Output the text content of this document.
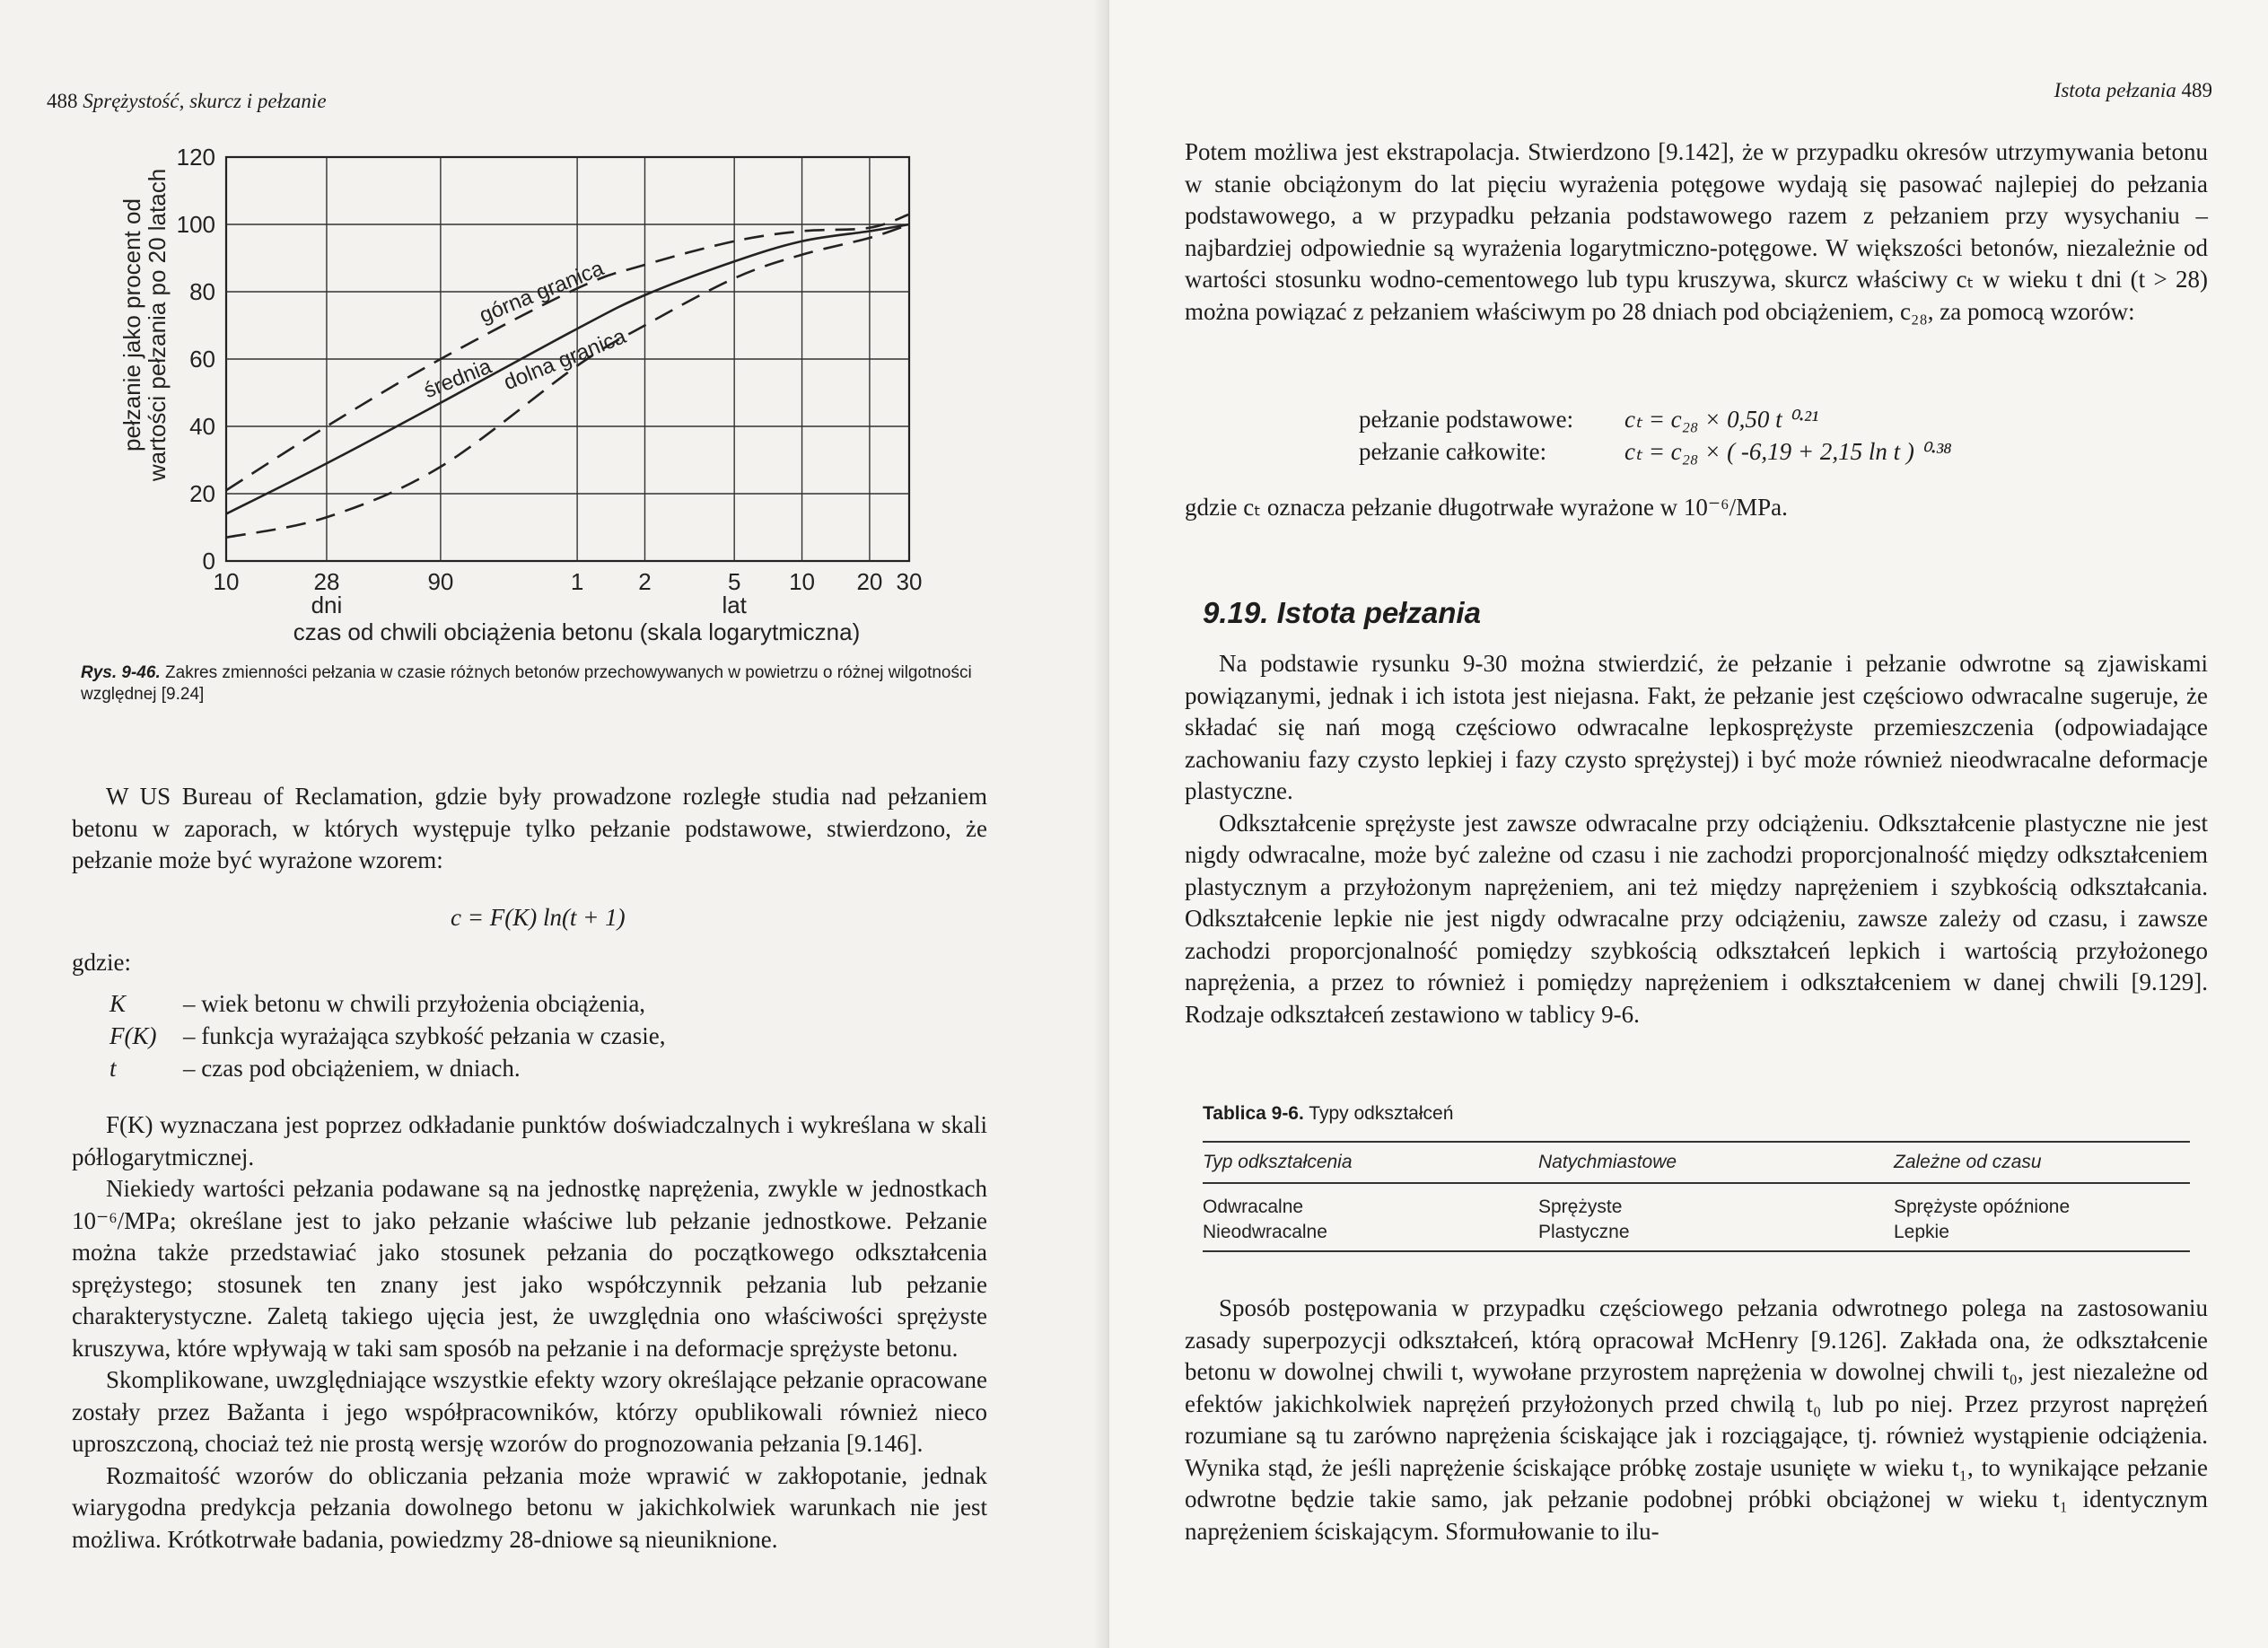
488 Sprężystość, skurcz i pełzanie
0
20
40
60
80
100
120
10	28	90	1 2	5 10 20 30
dni	lat
czas od chwili obciążenia betonu (skala logarytmiczna)
górna granica
średnia dolna granica
pełzanie jako procent od
wartości pełzania po 20 latach
Rys. 9-46. Zakres zmienności pełzania w czasie różnych betonów przechowywanych w powietrzu o różnej wilgotności względnej [9.24]

W US Bureau of Reclamation, gdzie były prowadzone rozległe studia nad pełzaniem betonu w zaporach, w których występuje tylko pełzanie podstawowe, stwierdzono, że pełzanie może być wyrażone wzorem:

c = F(K) ln(t + 1)
gdzie:
K	– wiek betonu w chwili przyłożenia obciążenia,
F(K)	– funkcja wyrażająca szybkość pełzania w czasie,
t	– czas pod obciążeniem, w dniach.

F(K) wyznaczana jest poprzez odkładanie punktów doświadczalnych i wykreślana w skali półlogarytmicznej.

Niekiedy wartości pełzania podawane są na jednostkę naprężenia, zwykle w jednostkach 10⁻⁶/MPa; określane jest to jako pełzanie właściwe lub pełzanie jednostkowe. Pełzanie można także przedstawiać jako stosunek pełzania do początkowego odkształcenia sprężystego; stosunek ten znany jest jako współczynnik pełzania lub pełzanie charakterystyczne. Zaletą takiego ujęcia jest, że uwzględnia ono właściwości sprężyste kruszywa, które wpływają w taki sam sposób na pełzanie i na deformacje sprężyste betonu.

Skomplikowane, uwzględniające wszystkie efekty wzory określające pełzanie opracowane zostały przez Bažanta i jego współpracowników, którzy opublikowali również nieco uproszczoną, chociaż też nie prostą wersję wzorów do prognozowania pełzania [9.146].

Rozmaitość wzorów do obliczania pełzania może wprawić w zakłopotanie, jednak wiarygodna predykcja pełzania dowolnego betonu w jakichkolwiek warunkach nie jest możliwa. Krótkotrwałe badania, powiedzmy 28-dniowe są nieuniknione.

Istota pełzania 489

Potem możliwa jest ekstrapolacja. Stwierdzono [9.142], że w przypadku okresów utrzymywania betonu w stanie obciążonym do lat pięciu wyrażenia potęgowe wydają się pasować najlepiej do pełzania podstawowego, a w przypadku pełzania podstawowego razem z pełzaniem przy wysychaniu – najbardziej odpowiednie są wyrażenia logarytmiczno-potęgowe. W większości betonów, niezależnie od wartości stosunku wodno-cementowego lub typu kruszywa, skurcz właściwy cₜ w wieku t dni (t > 28) można powiązać z pełzaniem właściwym po 28 dniach pod obciążeniem, c₂₈, za pomocą wzorów:

pełzanie podstawowe:	cₜ = c₂₈ × 0,50 t ⁰·²¹
pełzanie całkowite:	cₜ = c₂₈ × ( -6,19 + 2,15 ln t ) ⁰·³⁸

gdzie cₜ oznacza pełzanie długotrwałe wyrażone w 10⁻⁶/MPa.

9.19. Istota pełzania

Na podstawie rysunku 9-30 można stwierdzić, że pełzanie i pełzanie odwrotne są zjawiskami powiązanymi, jednak i ich istota jest niejasna. Fakt, że pełzanie jest częściowo odwracalne sugeruje, że składać się nań mogą częściowo odwracalne lepkosprężyste przemieszczenia (odpowiadające zachowaniu fazy czysto lepkiej i fazy czysto sprężystej) i być może również nieodwracalne deformacje plastyczne.

Odkształcenie sprężyste jest zawsze odwracalne przy odciążeniu. Odkształcenie plastyczne nie jest nigdy odwracalne, może być zależne od czasu i nie zachodzi proporcjonalność między odkształceniem plastycznym a przyłożonym naprężeniem, ani też między naprężeniem i szybkością odkształcania. Odkształcenie lepkie nie jest nigdy odwracalne przy odciążeniu, zawsze zależy od czasu, i zawsze zachodzi proporcjonalność pomiędzy szybkością odkształceń lepkich i wartością przyłożonego naprężenia, a przez to również i pomiędzy naprężeniem i odkształceniem w danej chwili [9.129]. Rodzaje odkształceń zestawiono w tablicy 9-6.

Tablica 9-6. Typy odkształceń
Typ odkształcenia	Natychmiastowe	Zależne od czasu
Odwracalne	Sprężyste	Sprężyste opóźnione
Nieodwracalne	Plastyczne	Lepkie

Sposób postępowania w przypadku częściowego pełzania odwrotnego polega na zastosowaniu zasady superpozycji odkształceń, którą opracował McHenry [9.126]. Zakłada ona, że odkształcenie betonu w dowolnej chwili t, wywołane przyrostem naprężenia w dowolnej chwili t₀, jest niezależne od efektów jakichkolwiek naprężeń przyłożonych przed chwilą t₀ lub po niej. Przez przyrost naprężeń rozumiane są tu zarówno naprężenia ściskające jak i rozciągające, tj. również wystąpienie odciążenia. Wynika stąd, że jeśli naprężenie ściskające próbkę zostaje usunięte w wieku t₁, to wynikające pełzanie odwrotne będzie takie samo, jak pełzanie podobnej próbki obciążonej w wieku t₁ identycznym naprężeniem ściskającym. Sformułowanie to ilu-
